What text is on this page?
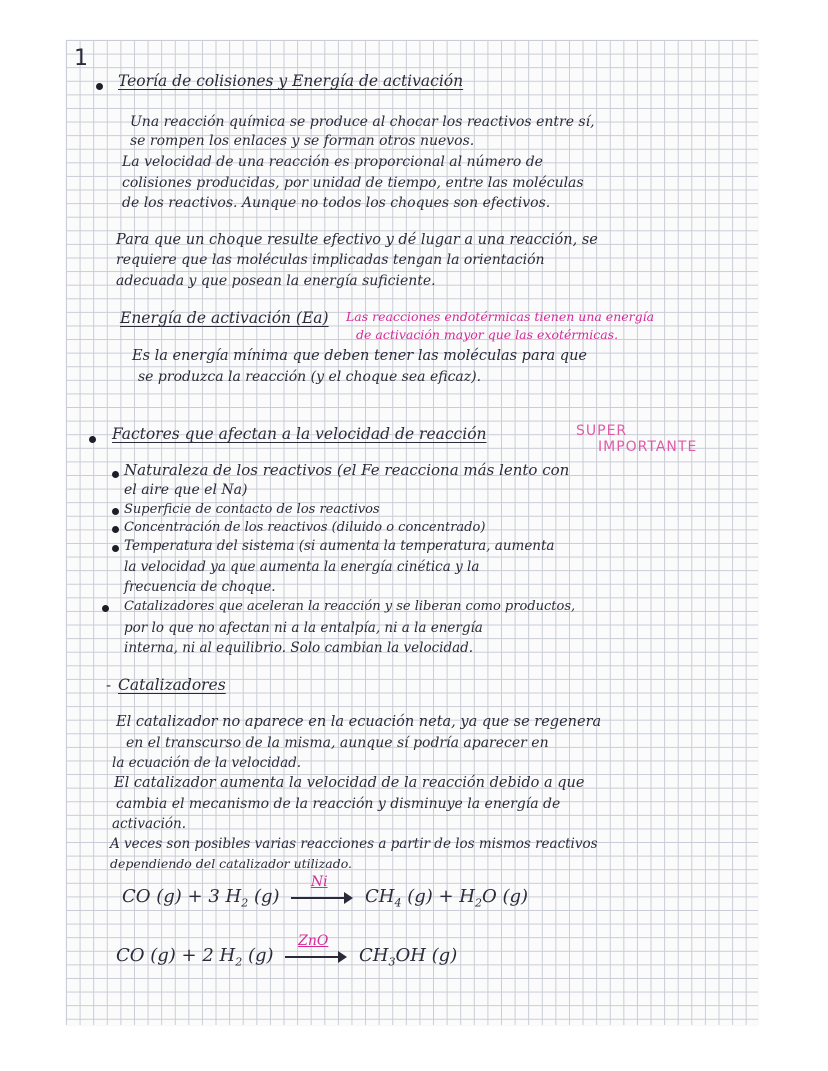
1
Teoría de colisiones y Energía de activación
Una reacción química se produce al chocar los reactivos entre sí,
se rompen los enlaces y se forman otros nuevos.
La velocidad de una reacción es proporcional al número de
colisiones producidas, por unidad de tiempo, entre las moléculas
de los reactivos. Aunque no todos los choques son efectivos.
Para que un choque resulte efectivo y dé lugar a una reacción, se
requiere que las moléculas implicadas tengan la orientación
adecuada y que posean la energía suficiente.
Energía de activación (Ea) Las reacciones endotérmicas tienen una energía
de activación mayor que las exotérmicas.
Es la energía mínima que deben tener las moléculas para que
se produzca la reacción (y el choque sea eficaz).
Factores que afectan a la velocidad de reacción	SUPER
IMPORTANTE
Naturaleza de los reactivos (el Fe reacciona más lento con
el aire que el Na)
Superficie de contacto de los reactivos
Concentración de los reactivos (diluido o concentrado)
Temperatura del sistema (si aumenta la temperatura, aumenta
la velocidad ya que aumenta la energía cinética y la
frecuencia de choque.
Catalizadores que aceleran la reacción y se liberan como productos,
por lo que no afectan ni a la entalpía, ni a la energía
interna, ni al equilibrio. Solo cambian la velocidad.
- Catalizadores
El catalizador no aparece en la ecuación neta, ya que se regenera
en el transcurso de la misma, aunque sí podría aparecer en
la ecuación de la velocidad.
El catalizador aumenta la velocidad de la reacción debido a que
cambia el mecanismo de la reacción y disminuye la energía de
activación.
A veces son posibles varias reacciones a partir de los mismos reactivos
dependiendo del catalizador utilizado.
CO (g) + 3 $H_2$ (g)
Ni
$CH_4$ $(g) + H_2O$ (g)
CO (g) + 2 $H_2$ (g)
ZnO
$CH_3OH$ (g)
